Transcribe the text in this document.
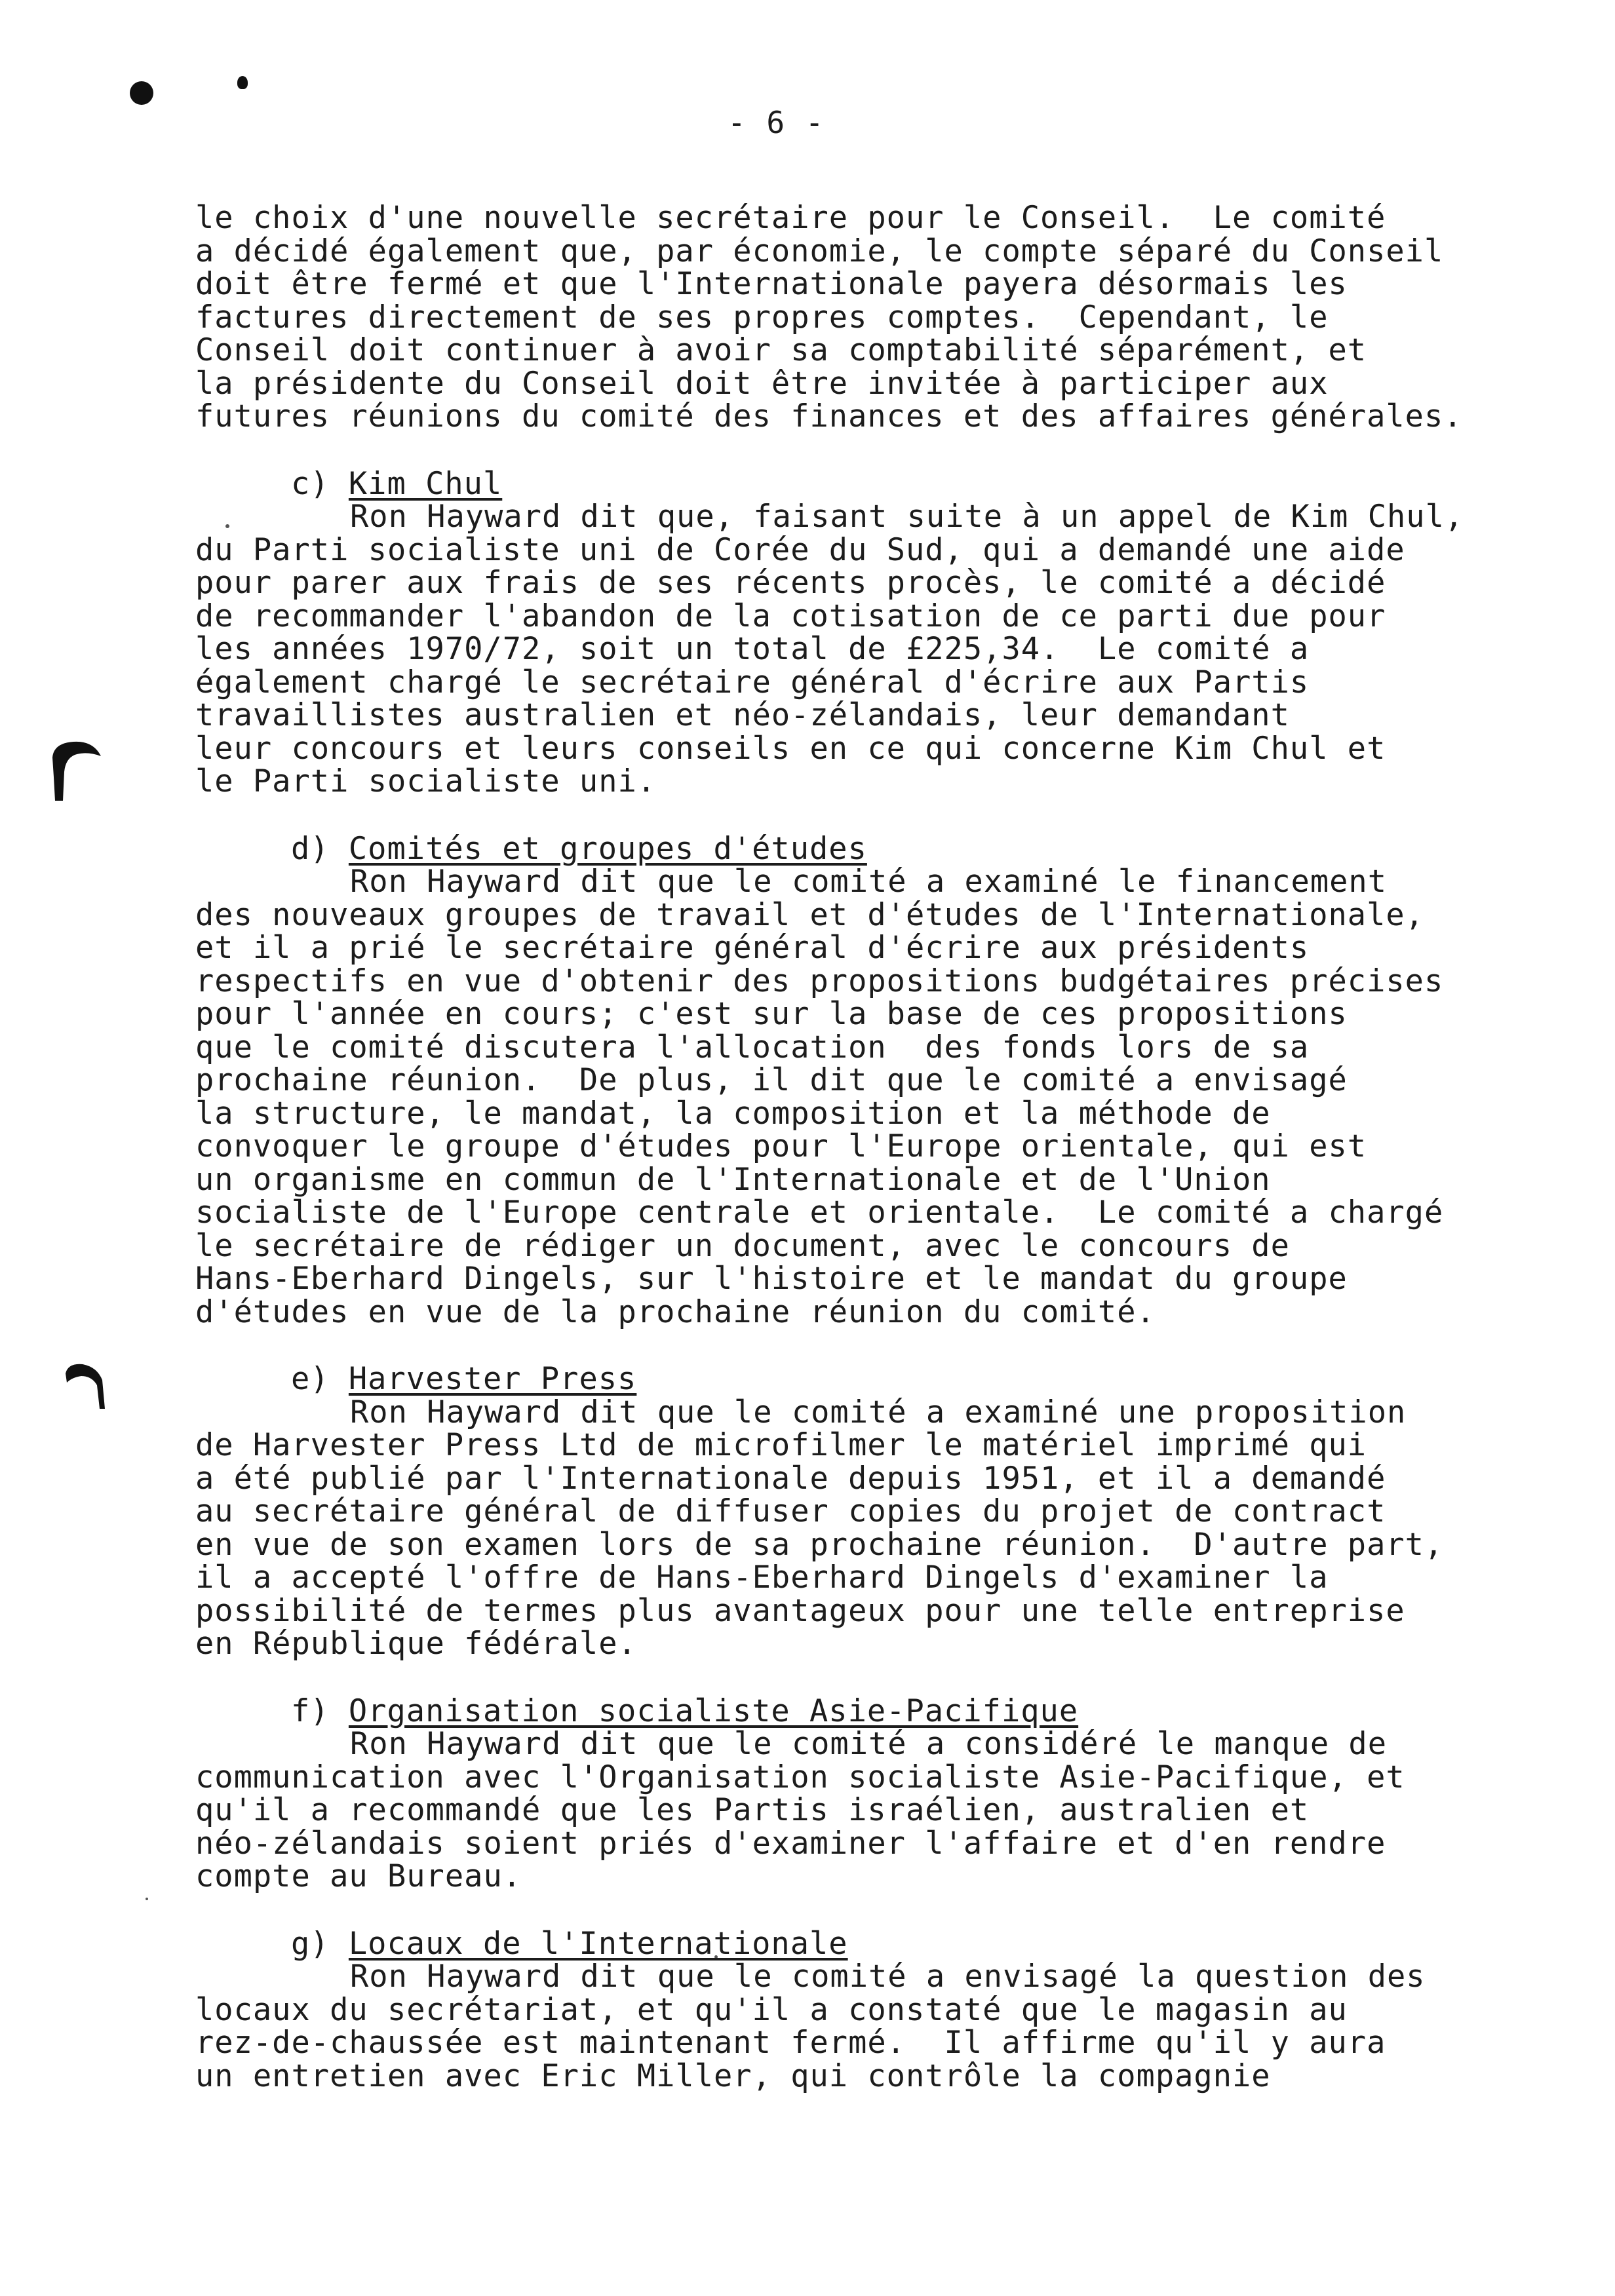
- 6 -
le choix d'une nouvelle secrétaire pour le Conseil.  Le comité
a décidé également que, par économie, le compte séparé du Conseil
doit être fermé et que l'Internationale payera désormais les
factures directement de ses propres comptes.  Cependant, le
Conseil doit continuer à avoir sa comptabilité séparément, et
la présidente du Conseil doit être invitée à participer aux
futures réunions du comité des finances et des affaires générales.
c) Kim Chul
Ron Hayward dit que, faisant suite à un appel de Kim Chul,
du Parti socialiste uni de Corée du Sud, qui a demandé une aide
pour parer aux frais de ses récents procès, le comité a décidé
de recommander l'abandon de la cotisation de ce parti due pour
les années 1970/72, soit un total de £225,34.  Le comité a
également chargé le secrétaire général d'écrire aux Partis
travaillistes australien et néo-zélandais, leur demandant
leur concours et leurs conseils en ce qui concerne Kim Chul et
le Parti socialiste uni.
d) Comités et groupes d'études
Ron Hayward dit que le comité a examiné le financement
des nouveaux groupes de travail et d'études de l'Internationale,
et il a prié le secrétaire général d'écrire aux présidents
respectifs en vue d'obtenir des propositions budgétaires précises
pour l'année en cours; c'est sur la base de ces propositions
que le comité discutera l'allocation  des fonds lors de sa
prochaine réunion.  De plus, il dit que le comité a envisagé
la structure, le mandat, la composition et la méthode de
convoquer le groupe d'études pour l'Europe orientale, qui est
un organisme en commun de l'Internationale et de l'Union
socialiste de l'Europe centrale et orientale.  Le comité a chargé
le secrétaire de rédiger un document, avec le concours de
Hans-Eberhard Dingels, sur l'histoire et le mandat du groupe
d'études en vue de la prochaine réunion du comité.
e) Harvester Press
Ron Hayward dit que le comité a examiné une proposition
de Harvester Press Ltd de microfilmer le matériel imprimé qui
a été publié par l'Internationale depuis 1951, et il a demandé
au secrétaire général de diffuser copies du projet de contract
en vue de son examen lors de sa prochaine réunion.  D'autre part,
il a accepté l'offre de Hans-Eberhard Dingels d'examiner la
possibilité de termes plus avantageux pour une telle entreprise
en République fédérale.
f) Organisation socialiste Asie-Pacifique
Ron Hayward dit que le comité a considéré le manque de
communication avec l'Organisation socialiste Asie-Pacifique, et
qu'il a recommandé que les Partis israélien, australien et
néo-zélandais soient priés d'examiner l'affaire et d'en rendre
compte au Bureau.
g) Locaux de l'Internationale
Ron Hayward dit que le comité a envisagé la question des
locaux du secrétariat, et qu'il a constaté que le magasin au
rez-de-chaussée est maintenant fermé.  Il affirme qu'il y aura
un entretien avec Eric Miller, qui contrôle la compagnie
